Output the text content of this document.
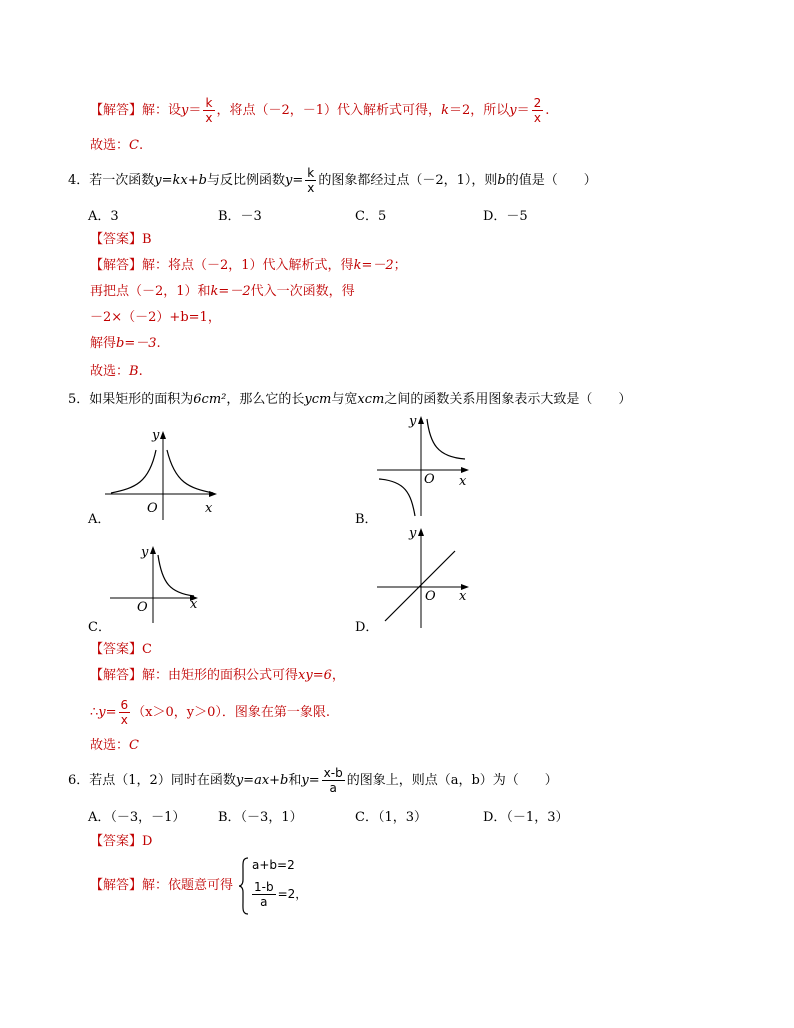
【解答】解：设$y= \frac{k}{x}$ ，将点（－2，－1）代入解析式可得，k＝2，所以$y= \frac{2}{x}$ .
故选：C.
4．若一次函数y=kx+b与反比例函数$y= \frac{k}{x}$ 的图象都经过点（－2，1），则b的值是（　　）
A．3	B．－3	C．5	D．－5
【答案】B
【解答】解：将点（－2，1）代入解析式，得k=－2；
再把点（－2，1）和k=－2代入一次函数，得
－2×（－2）+b=1，
解得b=－3.
故选：B.
5．如果矩形的面积为6cm²，那么它的长ycm与宽xcm之间的函数关系用图象表示大致是（　　）
A．
y
x
O
B．
y
x
O
C．
y
x
O
D．
y
x
O
【答案】C
【解答】解：由矩形的面积公式可得xy=6，
∴y= $\frac{6}{x} (x>0$，y＞0）．图象在第一象限.
故选：C
6．若点（1，2）同时在函数y=ax+b和$y= \frac{x-b}{a}$ 的图象上，则点（a，b）为（　　）
A．（－3，－1）	B．（－3，1）	C．（1，3）	D．（－1，3）
【答案】D
【解答】解：依题意可得
a+b=2
$\frac{1-b}{a} =2$，
